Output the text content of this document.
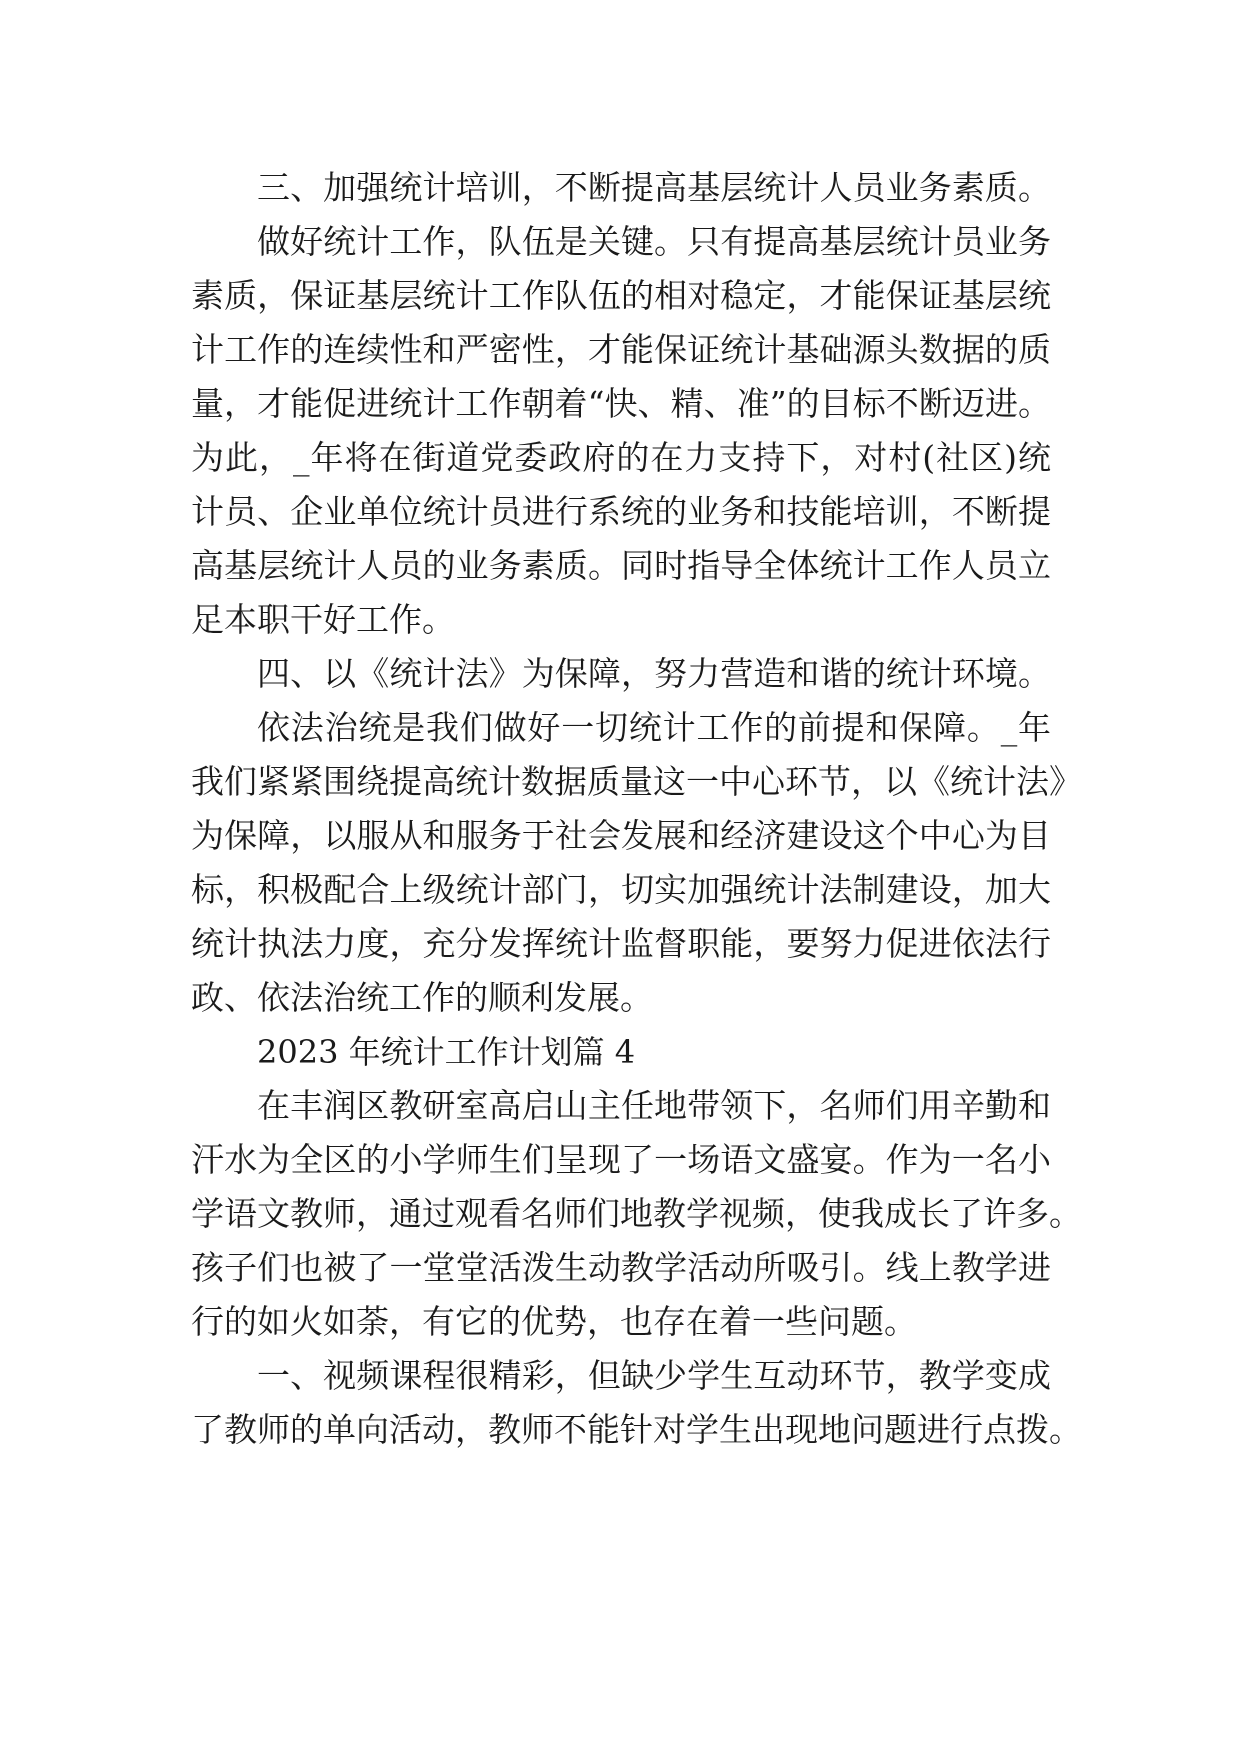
三、加强统计培训，不断提高基层统计人员业务素质。
做好统计工作，队伍是关键。只有提高基层统计员业务
素质，保证基层统计工作队伍的相对稳定，才能保证基层统
计工作的连续性和严密性，才能保证统计基础源头数据的质
量，才能促进统计工作朝着“快、精、准”的目标不断迈进。
为此，_年将在街道党委政府的在力支持下，对村(社区)统
计员、企业单位统计员进行系统的业务和技能培训，不断提
高基层统计人员的业务素质。同时指导全体统计工作人员立
足本职干好工作。
四、以《统计法》为保障，努力营造和谐的统计环境。
依法治统是我们做好一切统计工作的前提和保障。_年
我们紧紧围绕提高统计数据质量这一中心环节，以《统计法》
为保障，以服从和服务于社会发展和经济建设这个中心为目
标，积极配合上级统计部门，切实加强统计法制建设，加大
统计执法力度，充分发挥统计监督职能，要努力促进依法行
政、依法治统工作的顺利发展。
2023 年统计工作计划篇 4
在丰润区教研室高启山主任地带领下，名师们用辛勤和
汗水为全区的小学师生们呈现了一场语文盛宴。作为一名小
学语文教师，通过观看名师们地教学视频，使我成长了许多。
孩子们也被了一堂堂活泼生动教学活动所吸引。线上教学进
行的如火如荼，有它的优势，也存在着一些问题。
一、视频课程很精彩，但缺少学生互动环节，教学变成
了教师的单向活动，教师不能针对学生出现地问题进行点拨。
